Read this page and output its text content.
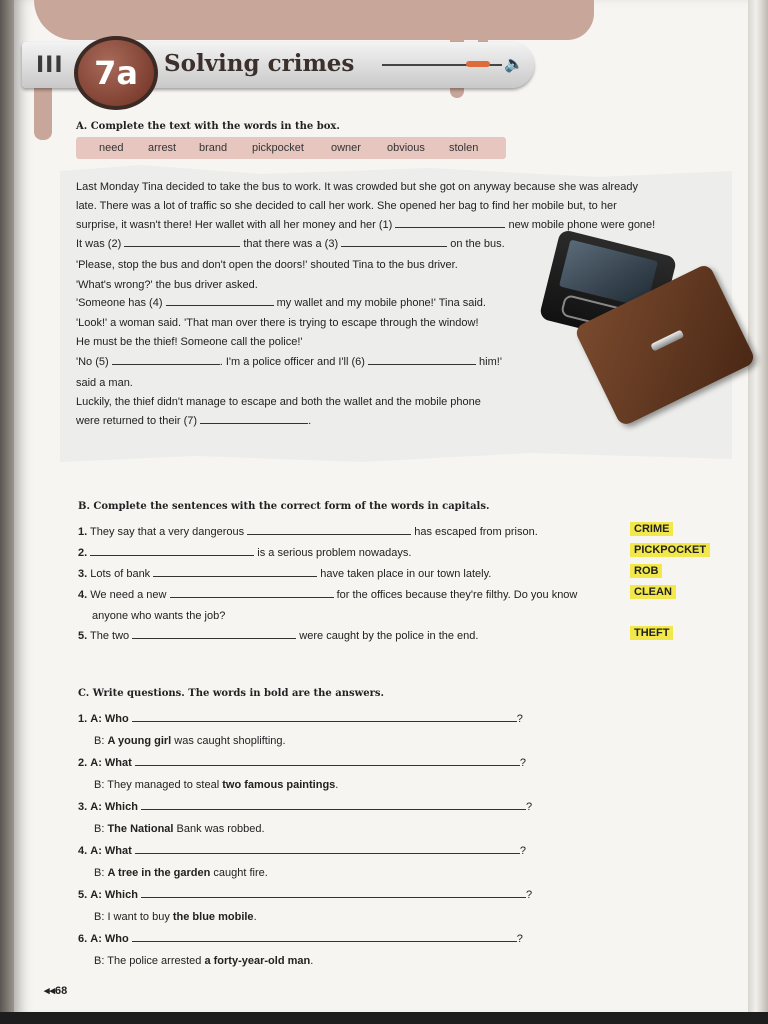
III 7a Solving crimes	🔈
A. Complete the text with the words in the box.
need arrest brand pickpocket owner obvious stolen
Last Monday Tina decided to take the bus to work. It was crowded but she got on anyway because she was already
late. There was a lot of traffic so she decided to call her work. She opened her bag to find her mobile but, to her
surprise, it wasn't there! Her wallet with all her money and her (1)	new mobile phone were gone!
It was (2)	that there was a (3)	on the bus.
'Please, stop the bus and don't open the doors!' shouted Tina to the bus driver.
'What's wrong?' the bus driver asked.
'Someone has (4)	my wallet and my mobile phone!' Tina said.
'Look!' a woman said. 'That man over there is trying to escape through the window!
He must be the thief! Someone call the police!'
'No (5)	. I'm a police officer and I'll (6)	him!'
said a man.
Luckily, the thief didn't manage to escape and both the wallet and the mobile phone
were returned to their (7)	.
B. Complete the sentences with the correct form of the words in capitals.
1. They say that a very dangerous	has escaped from prison.
2.	is a serious problem nowadays.
3. Lots of bank	have taken place in our town lately.
4. We need a new	for the offices because they're filthy. Do you know
anyone who wants the job?
5. The two	were caught by the police in the end.
CRIME
PICKPOCKET
ROB
CLEAN
THEFT
C. Write questions. The words in bold are the answers.
1. A: Who	?
B: A young girl was caught shoplifting.
2. A: What	?
B: They managed to steal two famous paintings.
3. A: Which	?
B: The National Bank was robbed.
4. A: What	?
B: A tree in the garden caught fire.
5. A: Which	?
B: I want to buy the blue mobile.
6. A: Who	?
B: The police arrested a forty-year-old man.
◂◂68
